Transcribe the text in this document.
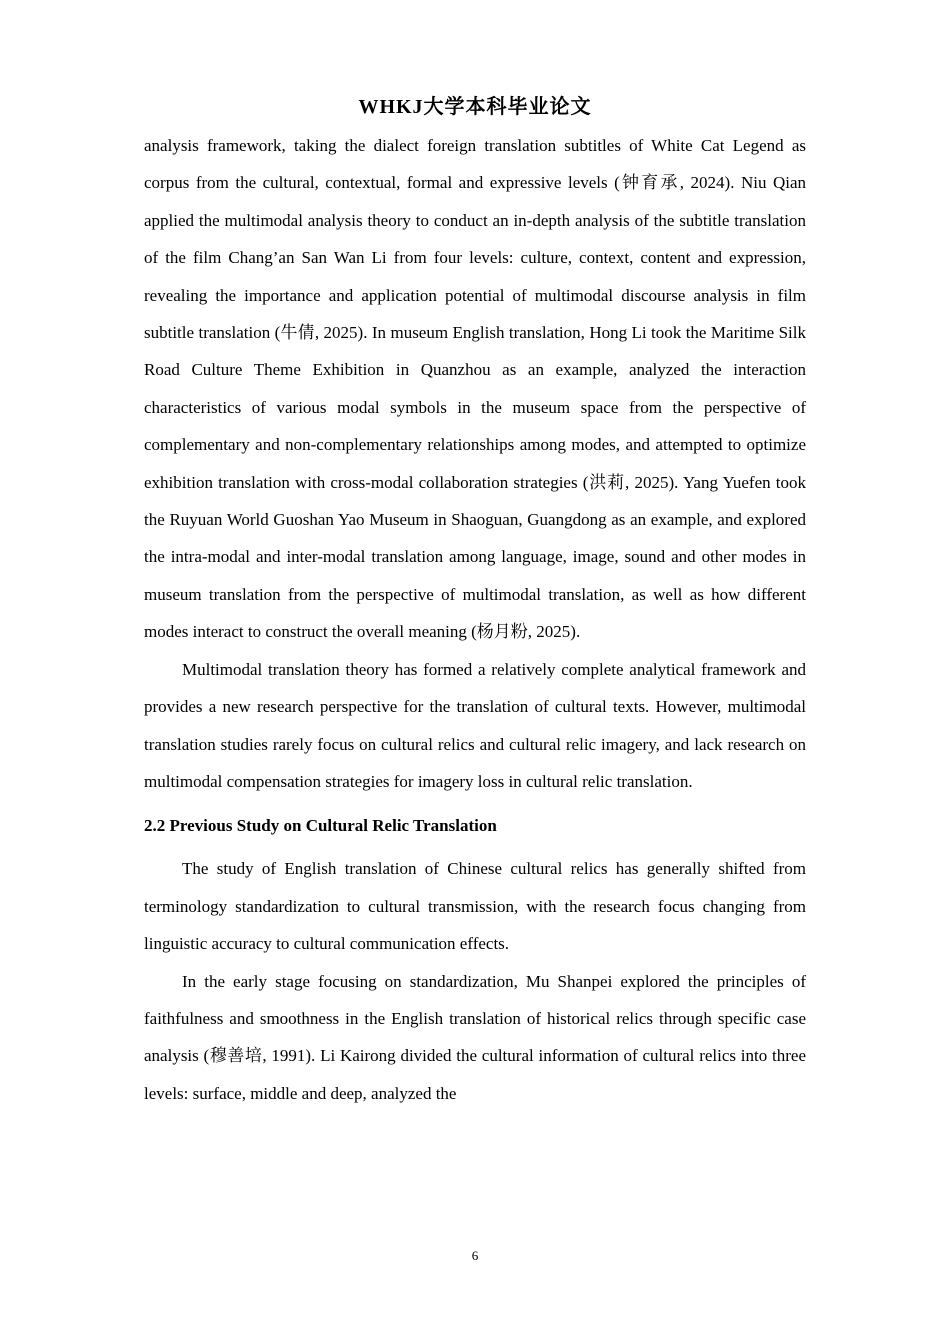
WHKJ大学本科毕业论文

analysis framework, taking the dialect foreign translation subtitles of White Cat Legend as corpus from the cultural, contextual, formal and expressive levels (钟育承, 2024). Niu Qian applied the multimodal analysis theory to conduct an in-depth analysis of the subtitle translation of the film Chang’an San Wan Li from four levels: culture, context, content and expression, revealing the importance and application potential of multimodal discourse analysis in film subtitle translation (牛倩, 2025). In museum English translation, Hong Li took the Maritime Silk Road Culture Theme Exhibition in Quanzhou as an example, analyzed the interaction characteristics of various modal symbols in the museum space from the perspective of complementary and non-complementary relationships among modes, and attempted to optimize exhibition translation with cross-modal collaboration strategies (洪莉, 2025). Yang Yuefen took the Ruyuan World Guoshan Yao Museum in Shaoguan, Guangdong as an example, and explored the intra-modal and inter-modal translation among language, image, sound and other modes in museum translation from the perspective of multimodal translation, as well as how different modes interact to construct the overall meaning (杨月粉, 2025).

Multimodal translation theory has formed a relatively complete analytical framework and provides a new research perspective for the translation of cultural texts. However, multimodal translation studies rarely focus on cultural relics and cultural relic imagery, and lack research on multimodal compensation strategies for imagery loss in cultural relic translation.

2.2 Previous Study on Cultural Relic Translation

The study of English translation of Chinese cultural relics has generally shifted from terminology standardization to cultural transmission, with the research focus changing from linguistic accuracy to cultural communication effects.

In the early stage focusing on standardization, Mu Shanpei explored the principles of faithfulness and smoothness in the English translation of historical relics through specific case analysis (穆善培, 1991). Li Kairong divided the cultural information of cultural relics into three levels: surface, middle and deep, analyzed the

6
